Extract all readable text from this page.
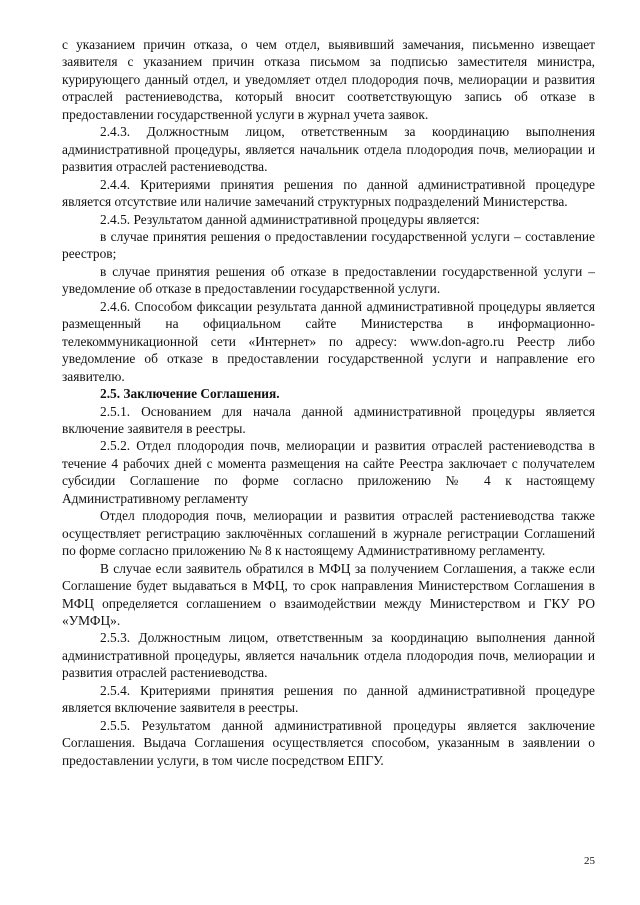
с указанием причин отказа, о чем отдел, выявивший замечания, письменно извещает заявителя с указанием причин отказа письмом за подписью заместителя министра, курирующего данный отдел, и уведомляет отдел плодородия почв, мелиорации и развития отраслей растениеводства, который вносит соответствующую запись об отказе в предоставлении государственной услуги в журнал учета заявок.

2.4.3. Должностным лицом, ответственным за координацию выполнения административной процедуры, является начальник отдела плодородия почв, мелиорации и развития отраслей растениеводства.

2.4.4. Критериями принятия решения по данной административной процедуре является отсутствие или наличие замечаний структурных подразделений Министерства.

2.4.5. Результатом данной административной процедуры является:

в случае принятия решения о предоставлении государственной услуги – составление реестров;

в случае принятия решения об отказе в предоставлении государственной услуги – уведомление об отказе в предоставлении государственной услуги.

2.4.6. Способом фиксации результата данной административной процедуры является размещенный на официальном сайте Министерства в информационно-телекоммуникационной сети «Интернет» по адресу: www.don-agro.ru Реестр либо уведомление об отказе в предоставлении государственной услуги и направление его заявителю.

2.5. Заключение Соглашения.

2.5.1. Основанием для начала данной административной процедуры является включение заявителя в реестры.

2.5.2. Отдел плодородия почв, мелиорации и развития отраслей растениеводства в течение 4 рабочих дней с момента размещения на сайте Реестра заключает с получателем субсидии Соглашение по форме согласно приложению № 4 к настоящему Административному регламенту

Отдел плодородия почв, мелиорации и развития отраслей растениеводства также осуществляет регистрацию заключённых соглашений в журнале регистрации Соглашений по форме согласно приложению № 8 к настоящему Административному регламенту.

В случае если заявитель обратился в МФЦ за получением Соглашения, а также если Соглашение будет выдаваться в МФЦ, то срок направления Министерством Соглашения в МФЦ определяется соглашением о взаимодействии между Министерством и ГКУ РО «УМФЦ».

2.5.3. Должностным лицом, ответственным за координацию выполнения данной административной процедуры, является начальник отдела плодородия почв, мелиорации и развития отраслей растениеводства.

2.5.4. Критериями принятия решения по данной административной процедуре является включение заявителя в реестры.

2.5.5. Результатом данной административной процедуры является заключение Соглашения. Выдача Соглашения осуществляется способом, указанным в заявлении о предоставлении услуги, в том числе посредством ЕПГУ.

25
